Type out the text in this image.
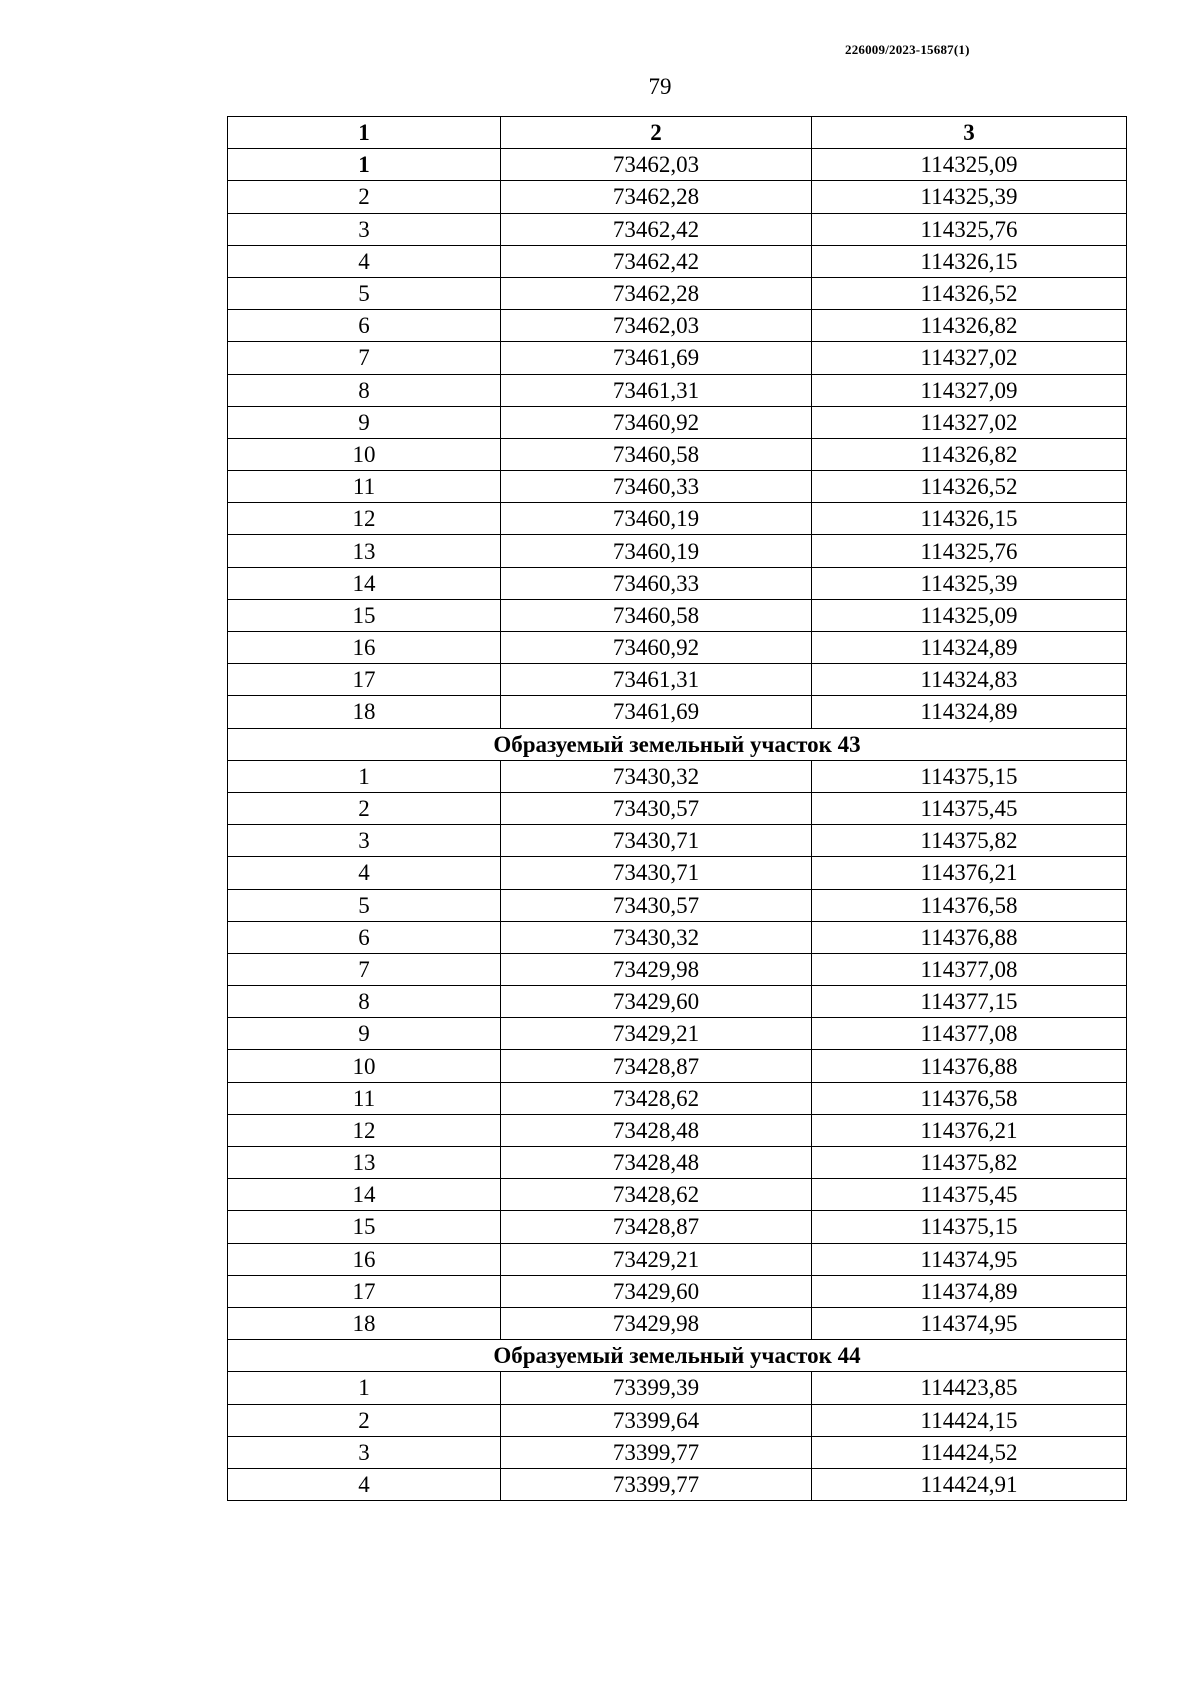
226009/2023-15687(1)
79
1	2	3
1	73462,03	114325,09
2	73462,28	114325,39
3	73462,42	114325,76
4	73462,42	114326,15
5	73462,28	114326,52
6	73462,03	114326,82
7	73461,69	114327,02
8	73461,31	114327,09
9	73460,92	114327,02
10	73460,58	114326,82
11	73460,33	114326,52
12	73460,19	114326,15
13	73460,19	114325,76
14	73460,33	114325,39
15	73460,58	114325,09
16	73460,92	114324,89
17	73461,31	114324,83
18	73461,69	114324,89
Образуемый земельный участок 43		
1	73430,32	114375,15
2	73430,57	114375,45
3	73430,71	114375,82
4	73430,71	114376,21
5	73430,57	114376,58
6	73430,32	114376,88
7	73429,98	114377,08
8	73429,60	114377,15
9	73429,21	114377,08
10	73428,87	114376,88
11	73428,62	114376,58
12	73428,48	114376,21
13	73428,48	114375,82
14	73428,62	114375,45
15	73428,87	114375,15
16	73429,21	114374,95
17	73429,60	114374,89
18	73429,98	114374,95
Образуемый земельный участок 44		
1	73399,39	114423,85
2	73399,64	114424,15
3	73399,77	114424,52
4	73399,77	114424,91
